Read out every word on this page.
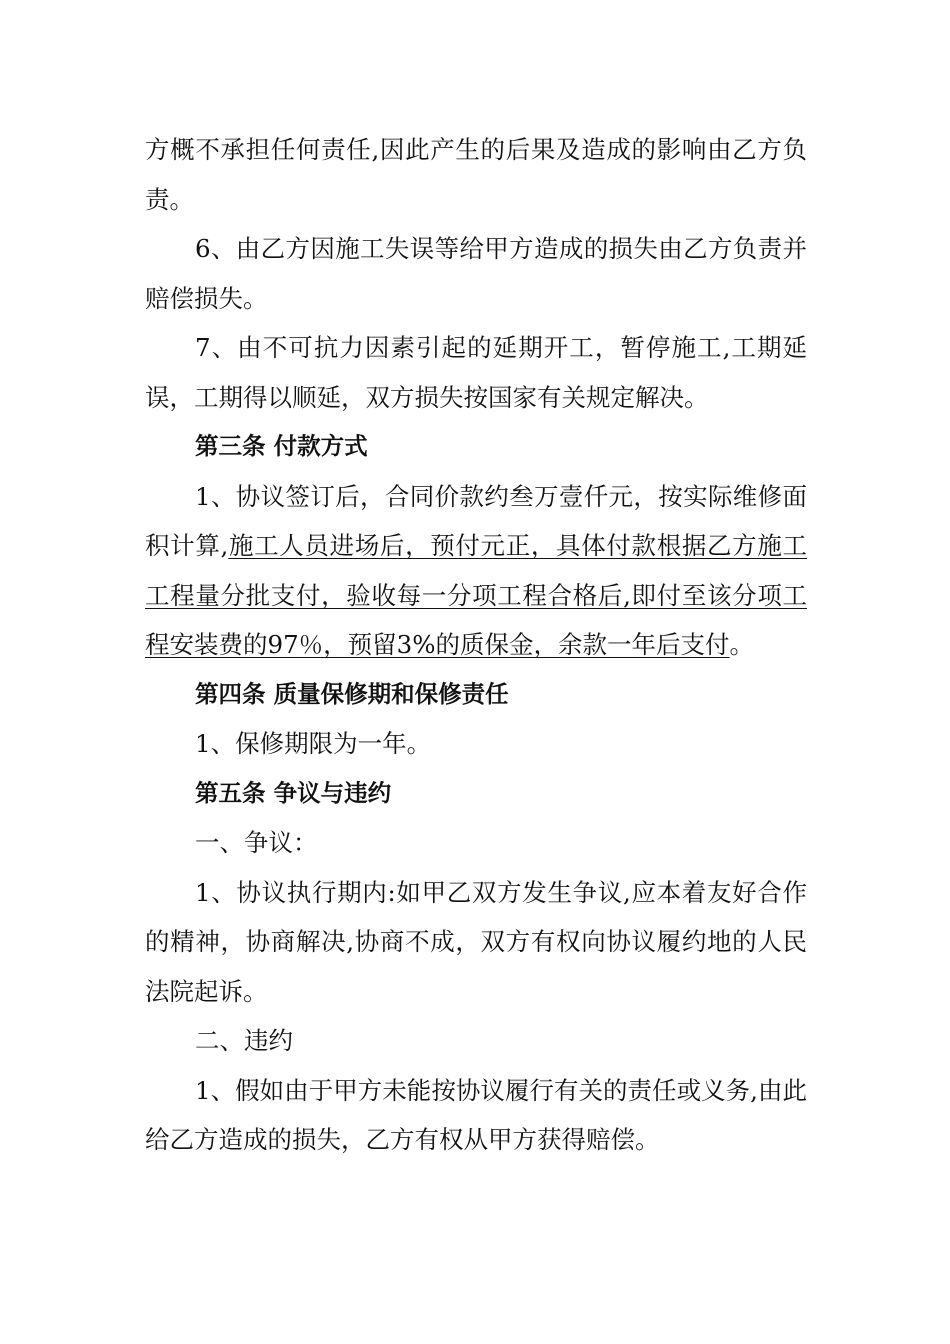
方概不承担任何责任,因此产生的后果及造成的影响由乙方负责。

6、由乙方因施工失误等给甲方造成的损失由乙方负责并赔偿损失。

7、由不可抗力因素引起的延期开工，暂停施工,工期延误，工期得以顺延，双方损失按国家有关规定解决。

第三条 付款方式

1、协议签订后，合同价款约叁万壹仟元，按实际维修面积计算,施工人员进场后，预付元正，具体付款根据乙方施工工程量分批支付，验收每一分项工程合格后,即付至该分项工程安装费的97％，预留3%的质保金，余款一年后支付。

第四条 质量保修期和保修责任

1、保修期限为一年。

第五条 争议与违约

一、争议：

1、协议执行期内:如甲乙双方发生争议,应本着友好合作的精神，协商解决,协商不成，双方有权向协议履约地的人民法院起诉。

二、违约

1、假如由于甲方未能按协议履行有关的责任或义务,由此给乙方造成的损失，乙方有权从甲方获得赔偿。
